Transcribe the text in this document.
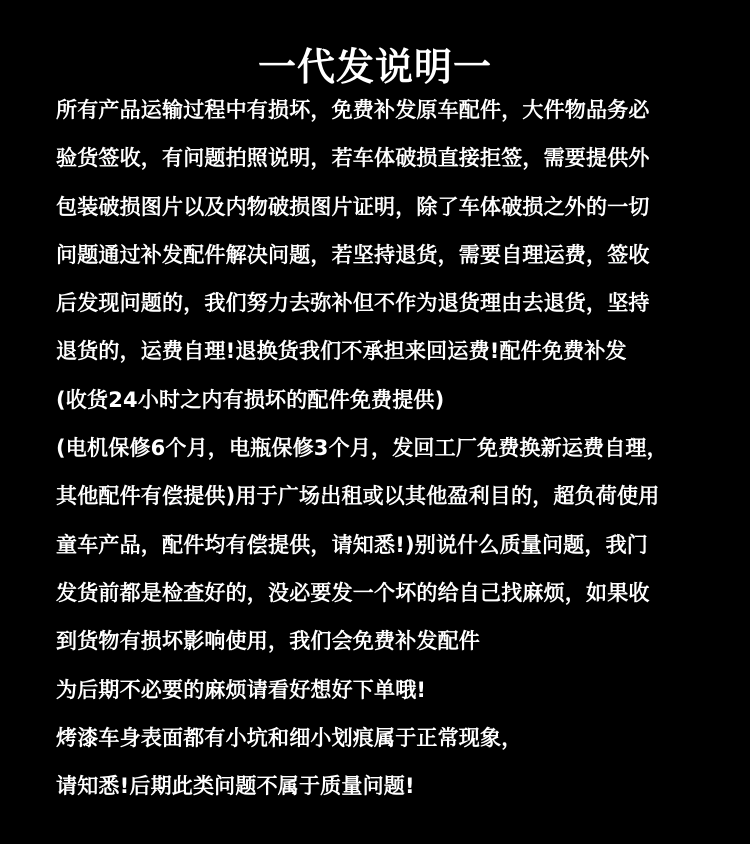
一代发说明一
所有产品运输过程中有损坏，免费补发原车配件，大件物品务必
验货签收，有问题拍照说明，若车体破损直接拒签，需要提供外
包装破损图片以及内物破损图片证明，除了车体破损之外的一切
问题通过补发配件解决问题，若坚持退货，需要自理运费，签收
后发现问题的，我们努力去弥补但不作为退货理由去退货，坚持
退货的，运费自理!退换货我们不承担来回运费!配件免费补发
(收货24小时之内有损坏的配件免费提供)
(电机保修6个月，电瓶保修3个月，发回工厂免费换新运费自理，
其他配件有偿提供)用于广场出租或以其他盈利目的，超负荷使用
童车产品，配件均有偿提供，请知悉!)别说什么质量问题，我门
发货前都是检查好的，没必要发一个坏的给自己找麻烦，如果收
到货物有损坏影响使用，我们会免费补发配件
为后期不必要的麻烦请看好想好下单哦!
烤漆车身表面都有小坑和细小划痕属于正常现象，
请知悉!后期此类问题不属于质量问题!
